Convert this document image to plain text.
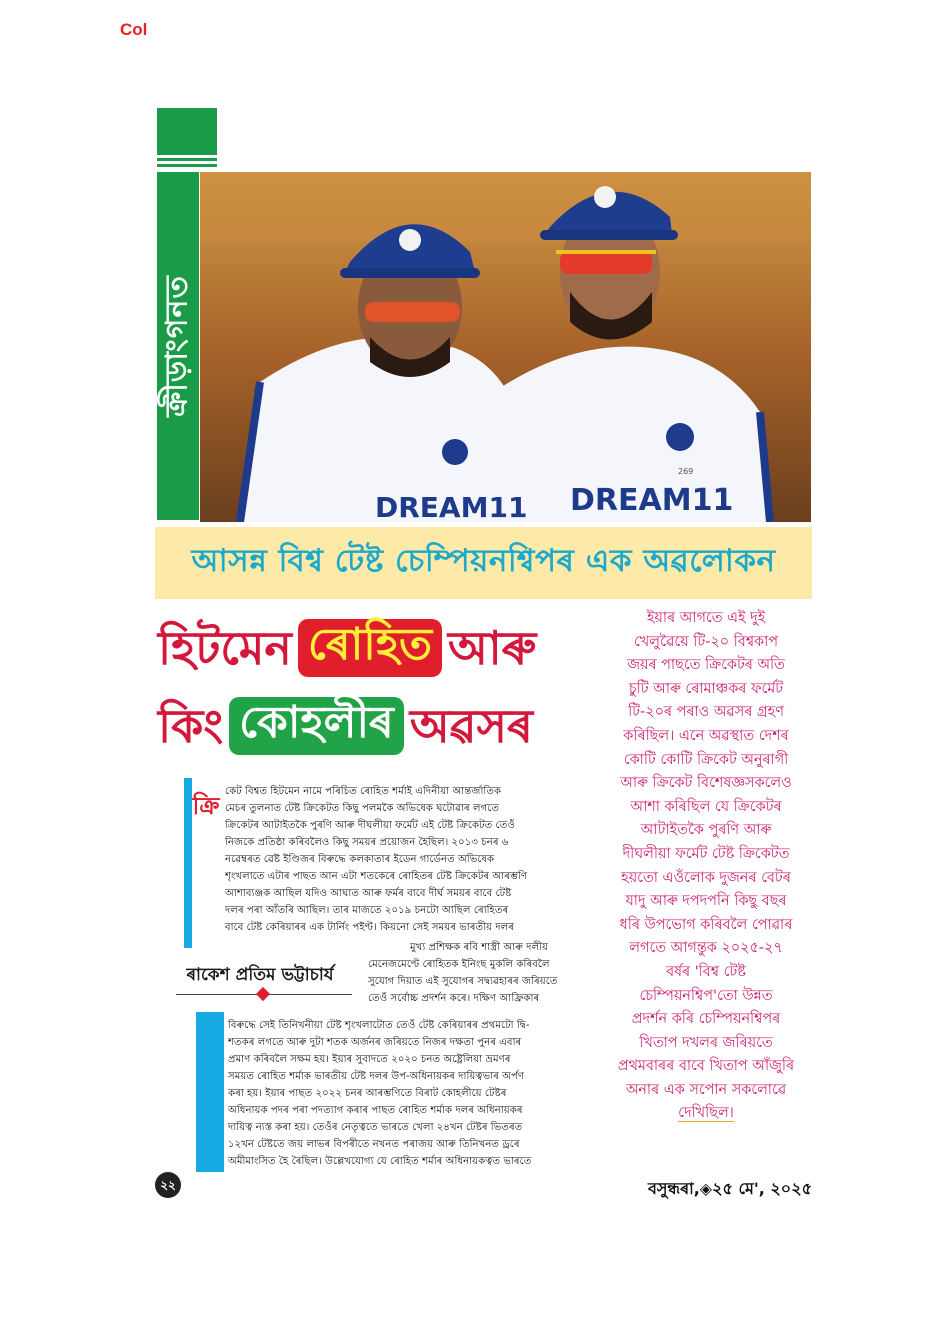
Col
ক্ৰীড়াংগনত
DREAM11 DREAM11
269
আসন্ন বিশ্ব টেষ্ট চেম্পিয়নশ্বিপৰ এক অৱলোকন
হিটমেন ৰোহিত আৰু
কিং কোহলীৰ অৱসৰ
ইয়াৰ আগতে এই দুই
খেলুৱৈয়ে টি-২০ বিশ্বকাপ
জয়ৰ পাছতে ক্ৰিকেটৰ অতি
চুটি আৰু ৰোমাঞ্চকৰ ফৰ্মেট
টি-২০ৰ পৰাও অৱসৰ গ্ৰহণ
কৰিছিল। এনে অৱস্থাত দেশৰ
কোটি কোটি ক্ৰিকেট অনুৰাগী
আৰু ক্ৰিকেট বিশেষজ্ঞসকলেও
আশা কৰিছিল যে ক্ৰিকেটৰ
আটাইতকৈ পুৰণি আৰু
দীঘলীয়া ফৰ্মেট টেষ্ট ক্ৰিকেটত
হয়তো এওঁলোক দুজনৰ বেটৰ
যাদু আৰু দপদপনি কিছু বছৰ
ধৰি উপভোগ কৰিবলৈ পোৱাৰ
লগতে আগন্তুক ২০২৫-২৭
বৰ্ষৰ 'বিশ্ব টেষ্ট
চেম্পিয়নশ্বিপ'তো উন্নত
প্ৰদৰ্শন কৰি চেম্পিয়নশ্বিপৰ
খিতাপ দখলৰ জৰিয়তে
প্ৰথমবাৰৰ বাবে খিতাপ আঁজুৰি
অনাৰ এক সপোন সকলোৱে
দেখিছিল।
ক্ৰি কেট বিশ্বত হিটমেন নামে পৰিচিত ৰোহিত শৰ্মাই এদিনীয়া আন্তৰ্জাতিক
মেচৰ তুলনাত টেষ্ট ক্ৰিকেটত কিছু পলমকৈ অভিষেক ঘটোৱাৰ লগতে
ক্ৰিকেটৰ আটাইতকৈ পুৰণি আৰু দীঘলীয়া ফৰ্মেট এই টেষ্ট ক্ৰিকেটত তেওঁ
নিজকে প্ৰতিষ্ঠা কৰিবলৈও কিছু সময়ৰ প্ৰয়োজন হৈছিল। ২০১৩ চনৰ ৬
নৱেম্বৰত ৱেষ্ট ইণ্ডিজৰ বিৰুদ্ধে কলকাতাৰ ইডেন গাৰ্ডেনত অভিষেক
শৃংখলাতে এটাৰ পাছত আন এটা শতকেৰে ৰোহিতৰ টেষ্ট ক্ৰিকেটৰ আৰম্ভণি
আশাব্যঞ্জক আছিল যদিও আঘাত আৰু ফৰ্মৰ বাবে দীৰ্ঘ সময়ৰ বাবে টেষ্ট
দলৰ পৰা আঁতৰি আছিল। তাৰ মাজতে ২০১৯ চনটো আছিল ৰোহিতৰ
বাবে টেষ্ট কেৰিয়াৰৰ এক টাৰ্নিং পইণ্ট। কিয়নো সেই সময়ৰ ভাৰতীয় দলৰ
মুখ্য প্ৰশিক্ষক ৰবি শাস্ত্ৰী আৰু দলীয়
মেনেজমেণ্টে ৰোহিতক ইনিংছ মুকলি কৰিবলৈ
সুযোগ দিয়াত এই সুযোগৰ সদ্ব্যৱহাৰৰ জৰিয়তে
তেওঁ সৰ্বোচ্চ প্ৰদৰ্শন কৰে। দক্ষিণ আফ্ৰিকাৰ
ৰাকেশ প্ৰতিম ভট্টাচাৰ্য
বিৰুদ্ধে সেই তিনিখনীয়া টেষ্ট শৃংখলাটোত তেওঁ টেষ্ট কেৰিয়াৰৰ প্ৰথমটো দ্বি-
শতকৰ লগতে আৰু দুটা শতক অৰ্জনৰ জৰিয়তে নিজৰ দক্ষতা পুনৰ এবাৰ
প্ৰমাণ কৰিবলৈ সক্ষম হয়। ইয়াৰ সুবাদতে ২০২০ চনত অষ্ট্ৰেলিয়া ভ্ৰমণৰ
সময়ত ৰোহিত শৰ্মাক ভাৰতীয় টেষ্ট দলৰ উপ-অধিনায়কৰ দায়িত্বভাৰ অৰ্পণ
কৰা হয়। ইয়াৰ পাছত ২০২২ চনৰ আৰম্ভণিতে বিৰাট কোহলীয়ে টেষ্টৰ
অধিনায়ক পদৰ পৰা পদত্যাগ কৰাৰ পাছত ৰোহিত শৰ্মাক দলৰ অধিনায়কৰ
দায়িত্ব ন্যস্ত কৰা হয়। তেওঁৰ নেতৃত্বতে ভাৰতে খেলা ২৪খন টেষ্টৰ ভিতৰত
১২খন টেষ্টতে জয় লাভৰ বিপৰীতে নখনত পৰাজয় আৰু তিনিখনত ড্ৰৰে
অমীমাংসিত হৈ ৰৈছিল। উল্লেখযোগ্য যে ৰোহিত শৰ্মাৰ অধিনায়কত্বত ভাৰতে
২২	বসুন্ধৰা,◈২৫ মে', ২০২৫
